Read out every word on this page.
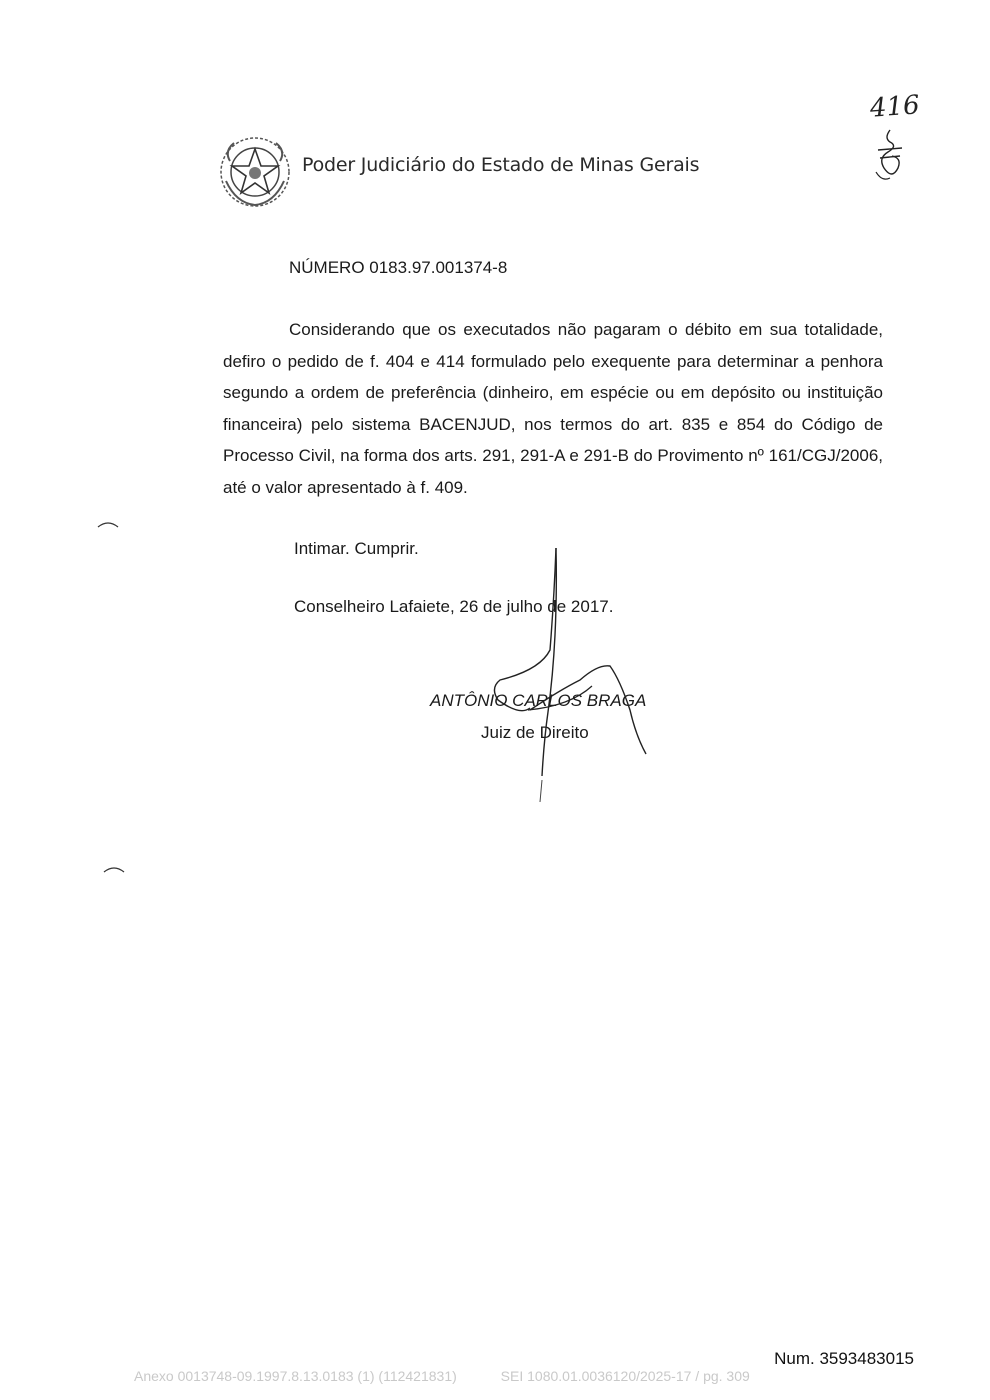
Poder Judiciário do Estado de Minas Gerais
416
NÚMERO 0183.97.001374-8

Considerando que os executados não pagaram o débito em sua totalidade, defiro o pedido de f. 404 e 414 formulado pelo exequente para determinar a penhora segundo a ordem de preferência (dinheiro, em espécie ou em depósito ou instituição financeira) pelo sistema BACENJUD, nos termos do art. 835 e 854 do Código de Processo Civil, na forma dos arts. 291, 291-A e 291-B do Provimento nº 161/CGJ/2006, até o valor apresentado à f. 409.

Intimar. Cumprir.
Conselheiro Lafaiete, 26 de julho de 2017.
ANTÔNIO CARLOS BRAGA
Juiz de Direito
Num. 3593483015
Anexo 0013748-09.1997.8.13.0183 (1) (112421831)	SEI 1080.01.0036120/2025-17 / pg. 309
